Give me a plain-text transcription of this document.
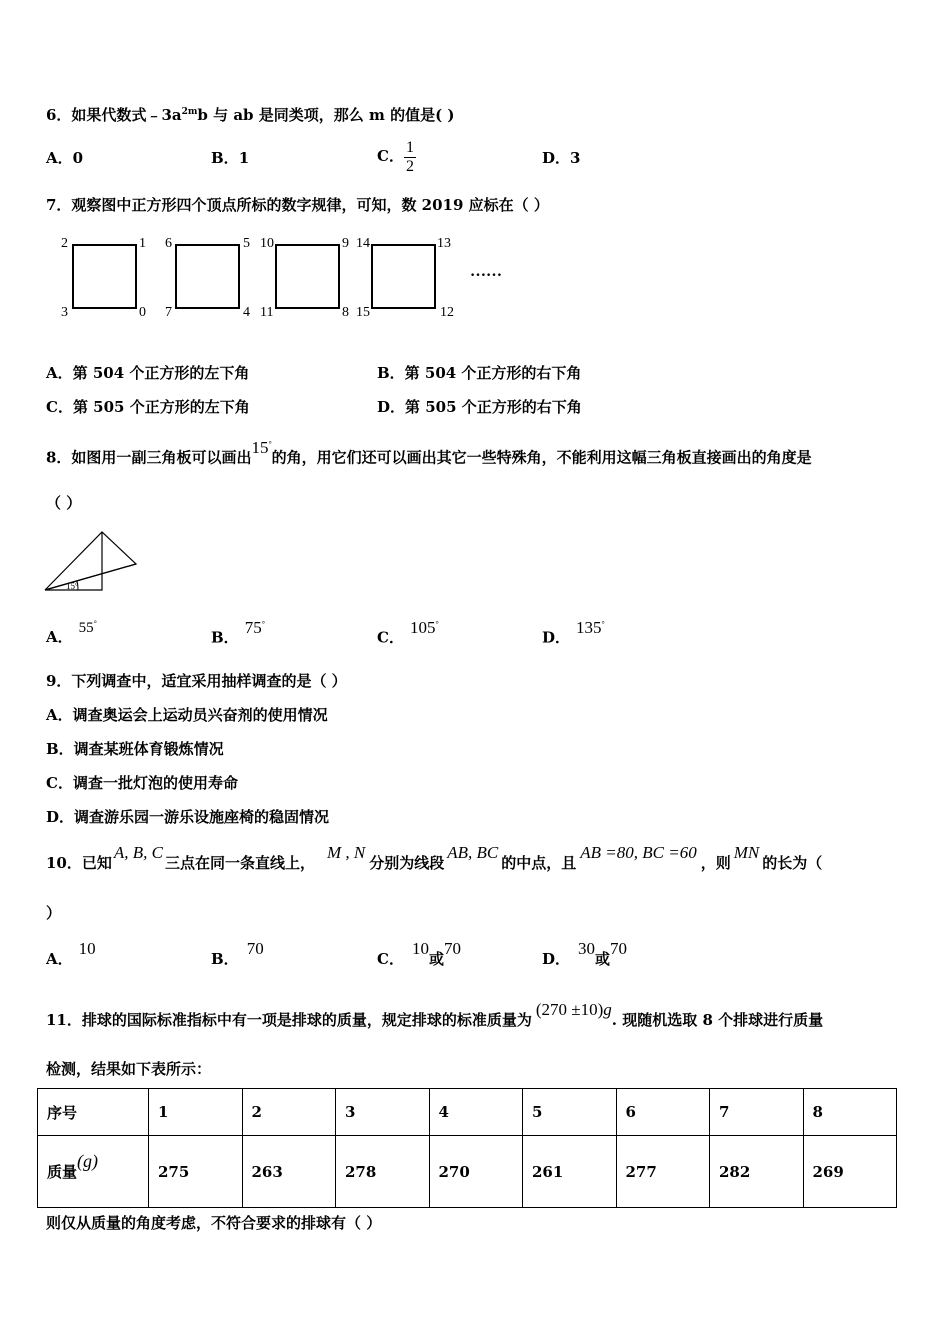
6．如果代数式$﹣3a^{2m}b$ 与 ab 是同类项，那么 m 的值是( )
A．0	B．1	C． $\frac{1}{2}$	D．3
7．观察图中正方形四个顶点所标的数字规律，可知，数 2019 应标在（ ）
2	1
3	0
6	5
7	4
10	9
11	8
14	13
15	12
……
A．第 504 个正方形的左下角	B．第 504 个正方形的右下角
C．第 505 个正方形的左下角	D．第 505 个正方形的右下角
8．如图用一副三角板可以画出15°的角，用它们还可以画出其它一些特殊角，不能利用这幅三角板直接画出的角度是
（ ）
15°
A． 55°
B．75°
C．105°
D．135°
9．下列调查中，适宜采用抽样调查的是（ ）
A．调查奥运会上运动员兴奋剂的使用情况
B．调查某班体育锻炼情况
C．调查一批灯泡的使用寿命
D．调查游乐园一游乐设施座椅的稳固情况
10．已知A, B, C三点在同一条直线上，M , N分别为线段AB, BC的中点，且AB =80, BC =60，则MN的长为（
）
A．10
B．70
C．10或70
D．30或70
11．排球的国际标准指标中有一项是排球的质量，规定排球的标准质量为(270 ±10)g. 现随机选取 8 个排球进行质量
检测，结果如下表所示：
序号	1	2	3	4	5	6	7	8
质量(g)	275	263	278	270	261	277	282	269
则仅从质量的角度考虑，不符合要求的排球有（ ）
